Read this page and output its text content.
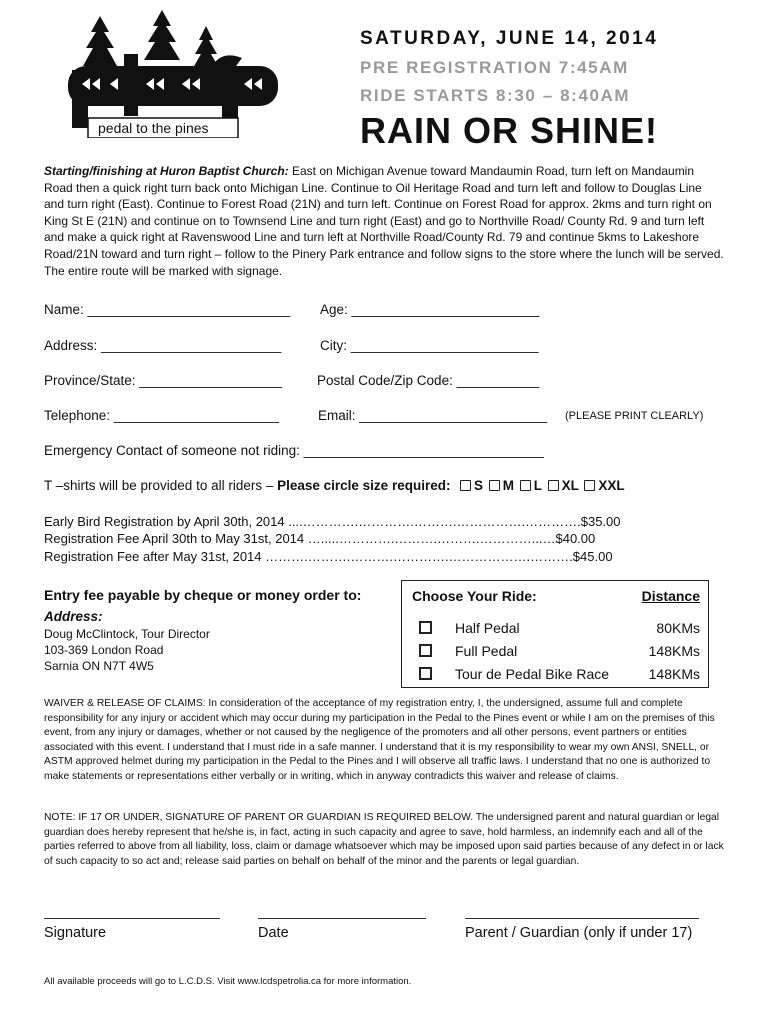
pedal to the pines
SATURDAY, JUNE 14, 2014
PRE REGISTRATION 7:45AM
RIDE STARTS 8:30 – 8:40AM
RAIN OR SHINE!
Starting/finishing at Huron Baptist Church: East on Michigan Avenue toward Mandaumin Road, turn left on Mandaumin Road then a quick right turn back onto Michigan Line. Continue to Oil Heritage Road and turn left and follow to Douglas Line and turn right (East). Continue to Forest Road (21N) and turn left. Continue on Forest Road for approx. 2kms and turn right on King St E (21N) and continue on to Townsend Line and turn right (East) and go to Northville Road/ County Rd. 9 and turn left and make a quick right at Ravenswood Line and turn left at Northville Road/County Rd. 79 and continue 5kms to Lakeshore Road/21N toward and turn right – follow to the Pinery Park entrance and follow signs to the store where the lunch will be served. The entire route will be marked with signage.
Name: ___________________________ Age: _________________________
Address: ________________________	City: _________________________
Province/State: ___________________	Postal Code/Zip Code: ___________
Telephone: ______________________	Email: _________________________ (PLEASE PRINT CLEARLY)
Emergency Contact of someone not riding: ________________________________
T –shirts will be provided to all riders – Please circle size required: S M L XL XXL
Early Bird Registration by April 30th, 2014 ....………….………….……….…………….………….$35.00
Registration Fee April 30th to May 31st, 2014 ….....………….……….……….…………...…$40.00
Registration Fee after May 31st, 2014 ……….……….……….………….……………….……….$45.00
Entry fee payable by cheque or money order to:
Address:
Doug McClintock, Tour Director
103-369 London Road
Sarnia ON N7T 4W5
Choose Your Ride:	Distance
Half Pedal	80KMs
Full Pedal	148KMs
Tour de Pedal Bike Race	148KMs
WAIVER & RELEASE OF CLAIMS: In consideration of the acceptance of my registration entry, I, the undersigned, assume full and complete responsibility for any injury or accident which may occur during my participation in the Pedal to the Pines event or while I am on the premises of this event, from any injury or damages, whether or not caused by the negligence of the promoters and all other persons, event partners or entities associated with this event. I understand that I must ride in a safe manner. I understand that it is my responsibility to wear my own ANSI, SNELL, or ASTM approved helmet during my participation in the Pedal to the Pines and I will observe all traffic laws. I understand that no one is authorized to make statements or representations either verbally or in writing, which in anyway contradicts this waiver and release of claims.
NOTE: IF 17 OR UNDER, SIGNATURE OF PARENT OR GUARDIAN IS REQUIRED BELOW. The undersigned parent and natural guardian or legal guardian does hereby represent that he/she is, in fact, acting in such capacity and agree to save, hold harmless, an indemnify each and all of the parties referred to above from all liability, loss, claim or damage whatsoever which may be imposed upon said parties because of any defect in or lack of such capacity to so act and; release said parties on behalf on behalf of the minor and the parents or legal guardian.
Signature	Date	Parent / Guardian (only if under 17)
All available proceeds will go to L.C.D.S. Visit www.lcdspetrolia.ca for more information.
